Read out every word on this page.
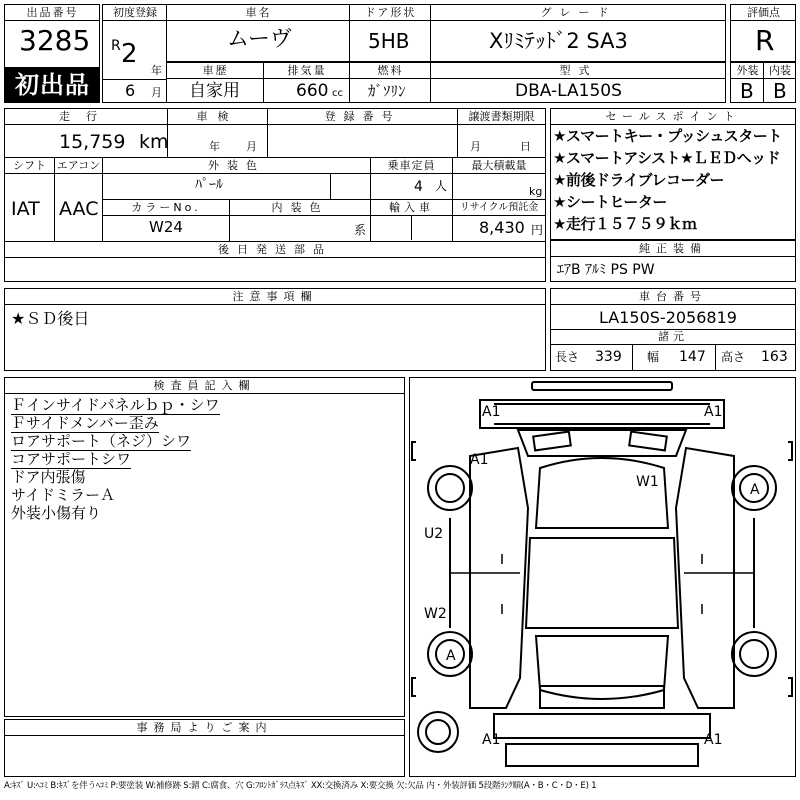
出品番号
3285
初出品
初度登録
R 2
年
6 月
車名
ムーヴ
ドア形状
5HB
グレード
Xﾘﾐﾃｯﾄﾞ2 SA3
評価点
R
車歴
自家用
排気量
660 cc
燃料
ｶﾞｿﾘﾝ
型式
DBA-LA150S
外装
B
内装
B
走行
15,759 km
車検
年 月
登録番号	譲渡書類期限
月	日
シフト
IAT
エアコン
AAC
外装色
ﾊﾟｰﾙ
乗車定員
4 人
最大積載量
kg
カラーNo.
W24
内装色
系
輸入車	リサイクル預託金
8,430 円
後日発送部品
セールスポイント
★スマートキー・プッシュスタート
★スマートアシスト★ＬＥＤヘッド
★前後ドライブレコーダー
★シートヒーター
★走行１５７５９ｋｍ
純正装備
ｴｱB ｱﾙﾐ PS PW
注意事項欄
★ＳＤ後日
車台番号
LA150S-2056819
諸元
長さ 339 幅 147 高さ 163
検査員記入欄
Ｆインサイドパネルｂｐ・シワ
Ｆサイドメンバー歪み
ロアサポート（ネジ）シワ
コアサポートシワ
ドア内張傷
サイドミラーＡ
外装小傷有り
事務局よりご案内
A1	A1
A1
W1	A
U2
W2
A
A1	A1
A:ｷｽﾞ U:ﾍｺﾐ B:ｷｽﾞを伴うﾍｺﾐ P:要塗装 W:補修跡 S:錆 C:腐食、穴 G:ﾌﾛﾝﾄｶﾞﾗｽ点ｷｽﾞ XX:交換済み X:要交換 欠:欠品 内・外装評価 5段階ﾗﾝｸ順(A・B・C・D・E) 1
